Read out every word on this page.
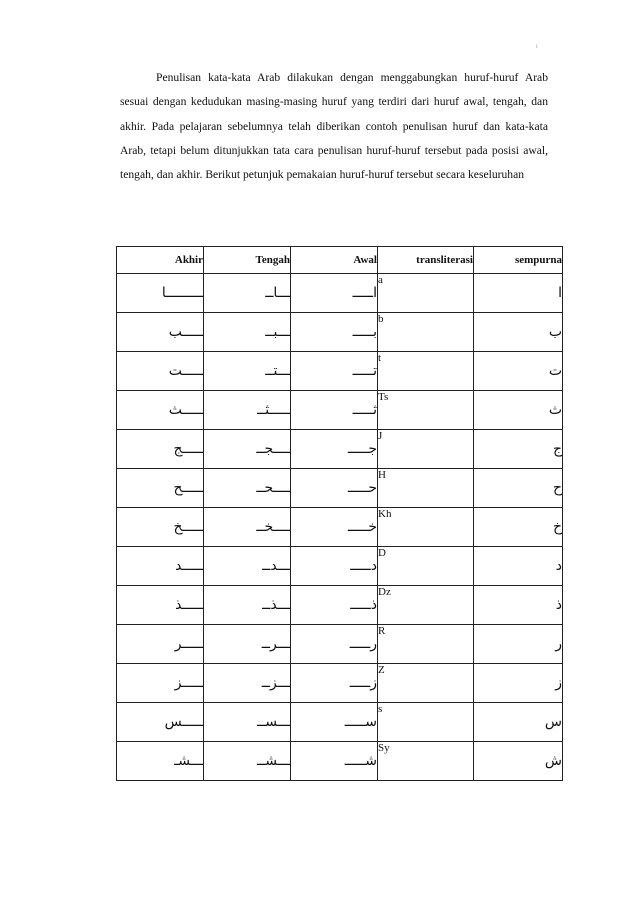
i

Penulisan kata-kata Arab dilakukan dengan menggabungkan huruf-huruf Arab sesuai dengan kedudukan masing-masing huruf yang terdiri dari huruf awal, tengah, dan akhir. Pada pelajaran sebelumnya telah diberikan contoh penulisan huruf dan kata-kata Arab, tetapi belum ditunjukkan tata cara penulisan huruf-huruf tersebut pada posisi awal, tengah, dan akhir. Berikut petunjuk pemakaian huruf-huruf tersebut secara keseluruhan

Akhir	Tengah	Awal	transliterasi	sempurna
ـــــــــا	ـــاــ	اـــــ	a	ا
ـــــب	ـــبــ	بـــــ	b	ب
ـــــت	ـــتــ	تـــــ	t	ت
ـــــث	ـــــثــ	ثـــــ	Ts	ث
ـــــج	ــــجــ	جـــــ	J	ج
ـــــح	ــــحــ	حـــــ	H	ح
ـــــخ	ــــخــ	خـــــ	Kh	خ
ـــــد	ـــدــ	دـــــ	D	د
ـــــذ	ـــذــ	ذـــــ	Dz	ذ
ـــــر	ـــرــ	رـــــ	R	ر
ـــــز	ـــزــ	زـــــ	Z	ز
ـــــس	ـــســ	ســـــ	s	س
ـــشـ	ـــشــ	شـــــ	Sy	ش
